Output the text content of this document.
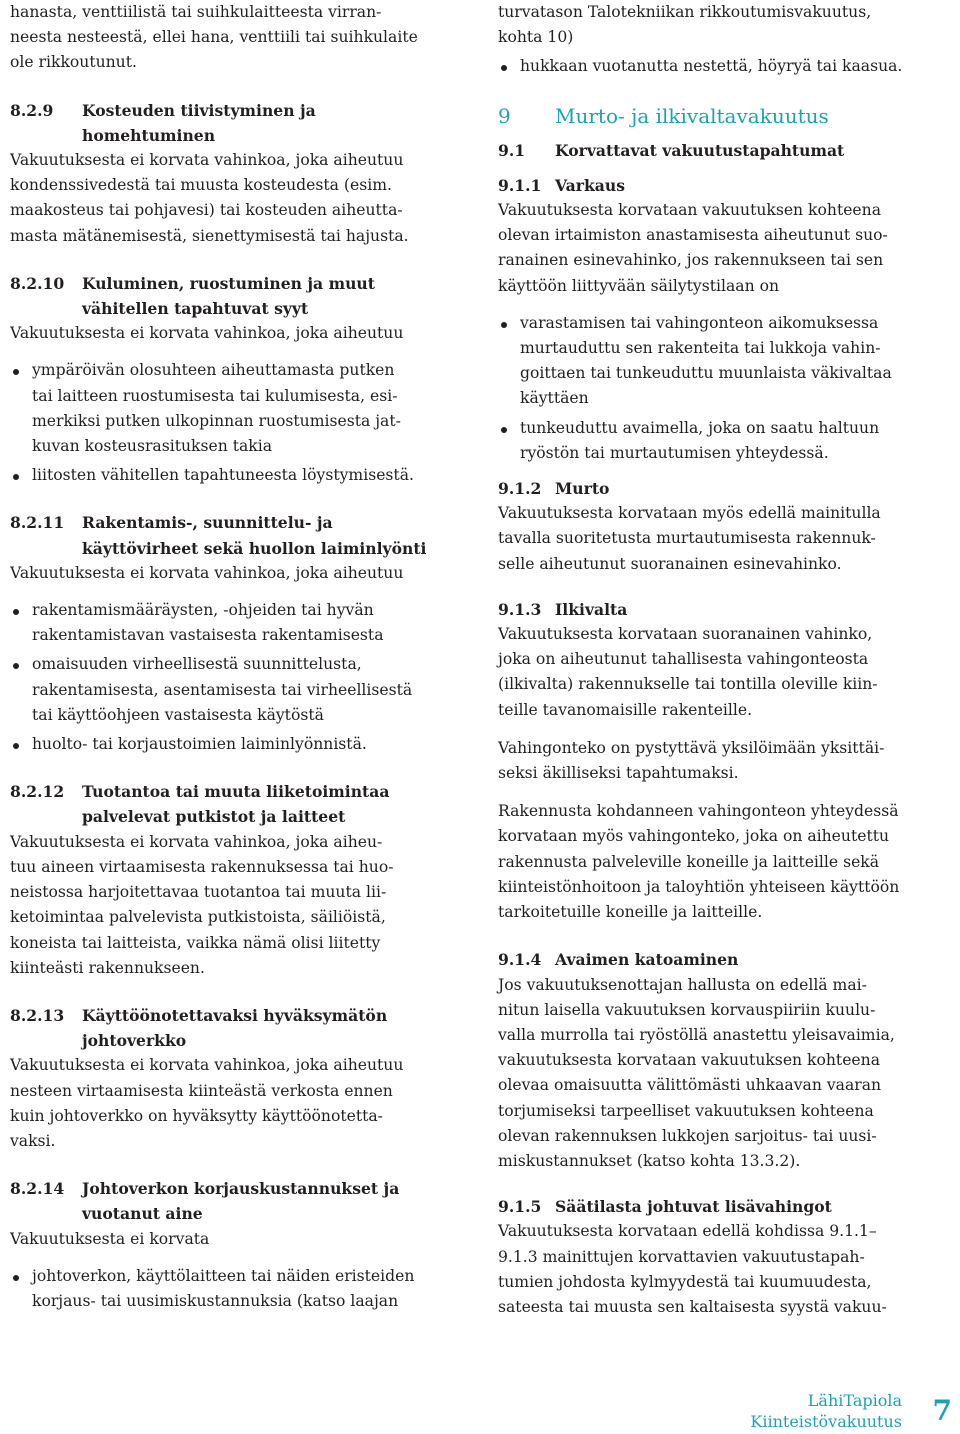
hanasta, venttiilistä tai suihkulaitteesta virran-
neesta nesteestä, ellei hana, venttiili tai suihkulaite
ole rikkoutunut.

8.2.9	Kosteuden tiivistyminen ja
homehtuminen

Vakuutuksesta ei korvata vahinkoa, joka aiheutuu
kondenssivedestä tai muusta kosteudesta (esim.
maakosteus tai pohjavesi) tai kosteuden aiheutta-
masta mätänemisestä, sienettymisestä tai hajusta.

8.2.10	Kuluminen, ruostuminen ja muut
vähitellen tapahtuvat syyt

Vakuutuksesta ei korvata vahinkoa, joka aiheutuu

ympäröivän olosuhteen aiheuttamasta putken
tai laitteen ruostumisesta tai kulumisesta, esi-
merkiksi putken ulkopinnan ruostumisesta jat-
kuvan kosteusrasituksen takia
liitosten vähitellen tapahtuneesta löystymisestä.
8.2.11	Rakentamis-, suunnittelu- ja
käyttövirheet sekä huollon laiminlyönti

Vakuutuksesta ei korvata vahinkoa, joka aiheutuu

rakentamismääräysten, -ohjeiden tai hyvän
rakentamistavan vastaisesta rakentamisesta
omaisuuden virheellisestä suunnittelusta,
rakentamisesta, asentamisesta tai virheellisestä
tai käyttöohjeen vastaisesta käytöstä
huolto- tai korjaustoimien laiminlyönnistä.
8.2.12	Tuotantoa tai muuta liiketoimintaa
palvelevat putkistot ja laitteet

Vakuutuksesta ei korvata vahinkoa, joka aiheu-
tuu aineen virtaamisesta rakennuksessa tai huo-
neistossa harjoitettavaa tuotantoa tai muuta lii-
ketoimintaa palvelevista putkistoista, säiliöistä,
koneista tai laitteista, vaikka nämä olisi liitetty
kiinteästi rakennukseen.

8.2.13	Käyttöönotettavaksi hyväksymätön
johtoverkko

Vakuutuksesta ei korvata vahinkoa, joka aiheutuu
nesteen virtaamisesta kiinteästä verkosta ennen
kuin johtoverkko on hyväksytty käyttöönotetta-
vaksi.

8.2.14	Johtoverkon korjauskustannukset ja
vuotanut aine

Vakuutuksesta ei korvata

johtoverkon, käyttölaitteen tai näiden eristeiden
korjaus- tai uusimiskustannuksia (katso laajan

turvatason Talotekniikan rikkoutumisvakuutus,
kohta 10)

hukkaan vuotanutta nestettä, höyryä tai kaasua.
9	Murto- ja ilkivaltavakuutus
9.1	Korvattavat vakuutustapahtumat
9.1.1 Varkaus

Vakuutuksesta korvataan vakuutuksen kohteena
olevan irtaimiston anastamisesta aiheutunut suo-
ranainen esinevahinko, jos rakennukseen tai sen
käyttöön liittyvään säilytystilaan on

varastamisen tai vahingonteon aikomuksessa
murtauduttu sen rakenteita tai lukkoja vahin-
goittaen tai tunkeuduttu muunlaista väkivaltaa
käyttäen
tunkeuduttu avaimella, joka on saatu haltuun
ryöstön tai murtautumisen yhteydessä.
9.1.2 Murto

Vakuutuksesta korvataan myös edellä mainitulla
tavalla suoritetusta murtautumisesta rakennuk-
selle aiheutunut suoranainen esinevahinko.

9.1.3 Ilkivalta

Vakuutuksesta korvataan suoranainen vahinko,
joka on aiheutunut tahallisesta vahingonteosta
(ilkivalta) rakennukselle tai tontilla oleville kiin-
teille tavanomaisille rakenteille.

Vahingonteko on pystyttävä yksilöimään yksittäi-
seksi äkilliseksi tapahtumaksi.

Rakennusta kohdanneen vahingonteon yhteydessä
korvataan myös vahingonteko, joka on aiheutettu
rakennusta palveleville koneille ja laitteille sekä
kiinteistönhoitoon ja taloyhtiön yhteiseen käyttöön
tarkoitetuille koneille ja laitteille.

9.1.4 Avaimen katoaminen

Jos vakuutuksenottajan hallusta on edellä mai-
nitun laisella vakuutuksen korvauspiiriin kuulu-
valla murrolla tai ryöstöllä anastettu yleisavaimia,
vakuutuksesta korvataan vakuutuksen kohteena
olevaa omaisuutta välittömästi uhkaavan vaaran
torjumiseksi tarpeelliset vakuutuksen kohteena
olevan rakennuksen lukkojen sarjoitus- tai uusi-
miskustannukset (katso kohta 13.3.2).

9.1.5 Säätilasta johtuvat lisävahingot

Vakuutuksesta korvataan edellä kohdissa 9.1.1–
9.1.3 mainittujen korvattavien vakuutustapah-
tumien johdosta kylmyydestä tai kuumuudesta,
sateesta tai muusta sen kaltaisesta syystä vakuu-

LähiTapiola
Kiinteistövakuutus 7
